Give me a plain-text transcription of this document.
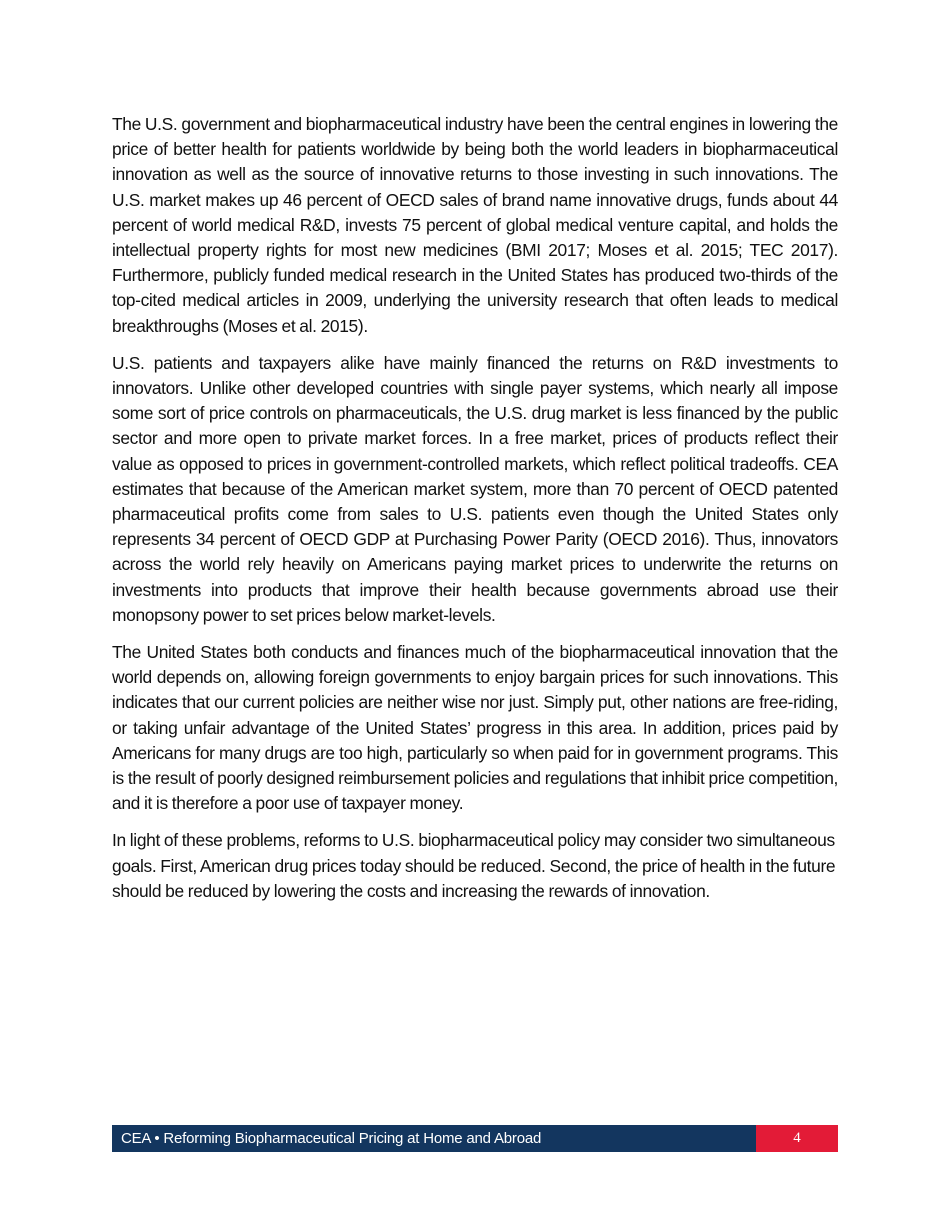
The U.S. government and biopharmaceutical industry have been the central engines in lowering the price of better health for patients worldwide by being both the world leaders in biopharmaceutical innovation as well as the source of innovative returns to those investing in such innovations. The U.S. market makes up 46 percent of OECD sales of brand name innovative drugs, funds about 44 percent of world medical R&D, invests 75 percent of global medical venture capital, and holds the intellectual property rights for most new medicines (BMI 2017; Moses et al. 2015; TEC 2017). Furthermore, publicly funded medical research in the United States has produced two-thirds of the top-cited medical articles in 2009, underlying the university research that often leads to medical breakthroughs (Moses et al. 2015).

U.S. patients and taxpayers alike have mainly financed the returns on R&D investments to innovators. Unlike other developed countries with single payer systems, which nearly all impose some sort of price controls on pharmaceuticals, the U.S. drug market is less financed by the public sector and more open to private market forces. In a free market, prices of products reflect their value as opposed to prices in government-controlled markets, which reflect political tradeoffs. CEA estimates that because of the American market system, more than 70 percent of OECD patented pharmaceutical profits come from sales to U.S. patients even though the United States only represents 34 percent of OECD GDP at Purchasing Power Parity (OECD 2016). Thus, innovators across the world rely heavily on Americans paying market prices to underwrite the returns on investments into products that improve their health because governments abroad use their monopsony power to set prices below market-levels.

The United States both conducts and finances much of the biopharmaceutical innovation that the world depends on, allowing foreign governments to enjoy bargain prices for such innovations. This indicates that our current policies are neither wise nor just. Simply put, other nations are free-riding, or taking unfair advantage of the United States’ progress in this area. In addition, prices paid by Americans for many drugs are too high, particularly so when paid for in government programs. This is the result of poorly designed reimbursement policies and regulations that inhibit price competition, and it is therefore a poor use of taxpayer money.

In light of these problems, reforms to U.S. biopharmaceutical policy may consider two simultaneous goals. First, American drug prices today should be reduced. Second, the price of health in the future should be reduced by lowering the costs and increasing the rewards of innovation.

CEA • Reforming Biopharmaceutical Pricing at Home and Abroad	4
